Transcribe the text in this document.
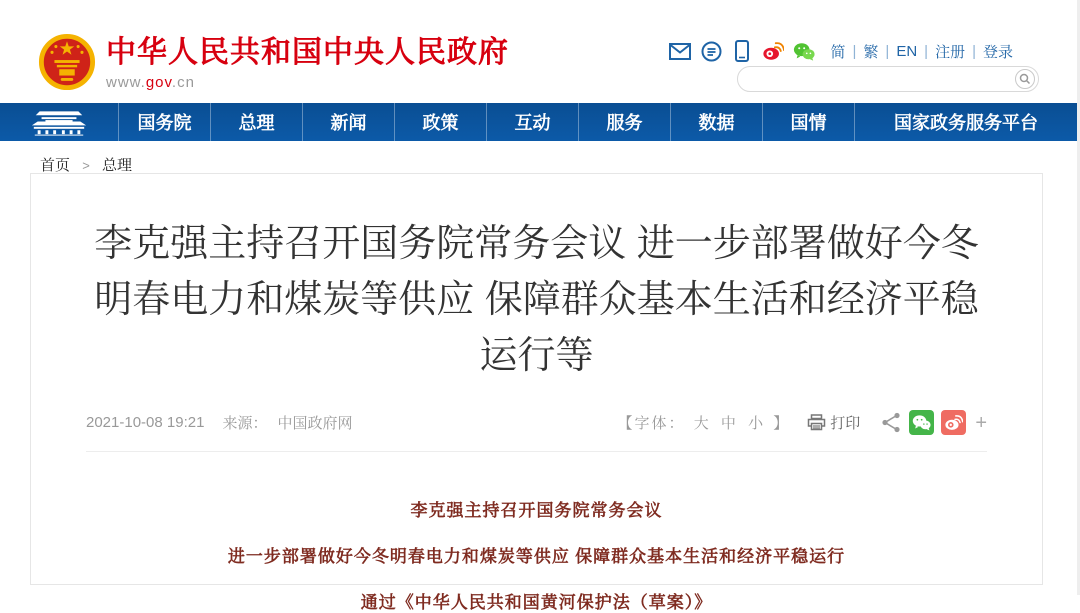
中华人民共和国中央人民政府
www.gov.cn
简 | 繁 | EN | 注册 | 登录
国务院	总理	新闻	政策	互动	服务	数据	国情	国家政务服务平台
首页 > 总理
李克强主持召开国务院常务会议 进一步部署做好今冬明春电力和煤炭等供应 保障群众基本生活和经济平稳运行等
2021-10-08 19:21 来源： 中国政府网	【字体： 大 中 小 】	打印	+

李克强主持召开国务院常务会议

进一步部署做好今冬明春电力和煤炭等供应 保障群众基本生活和经济平稳运行

通过《中华人民共和国黄河保护法（草案）》
